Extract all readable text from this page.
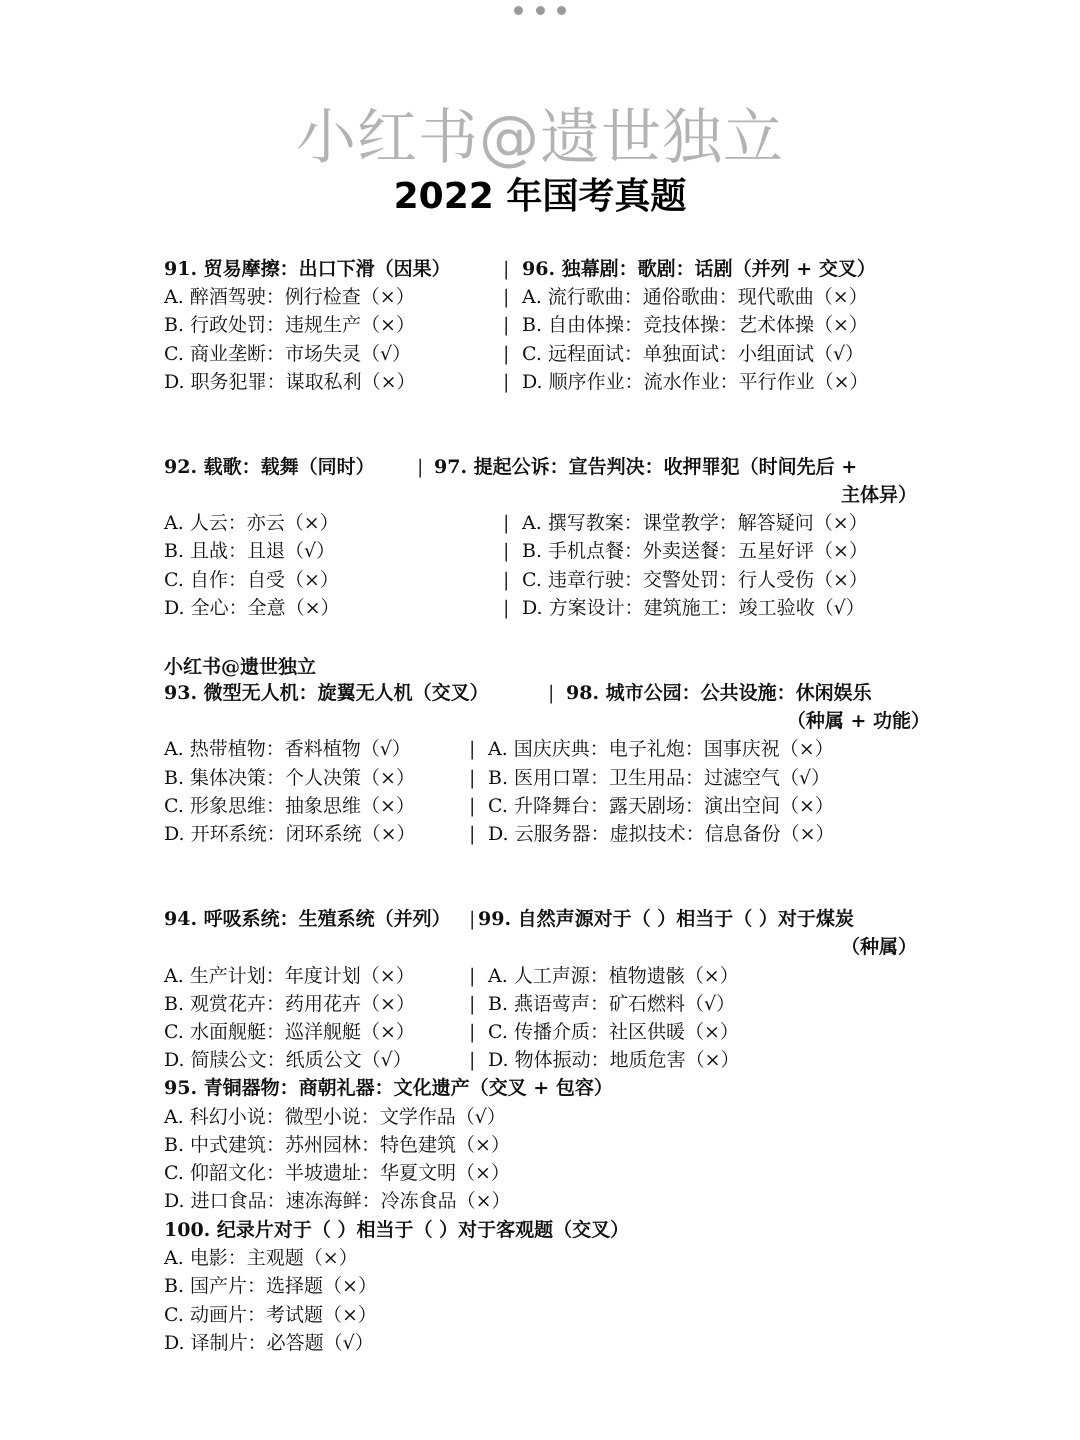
小红书@遗世独立
2022 年国考真题
91. 贸易摩擦：出口下滑（因果）	| 96. 独幕剧：歌剧：话剧（并列 + 交叉）
A. 醉酒驾驶：例行检查（×）
B. 行政处罚：违规生产（×）
C. 商业垄断：市场失灵（√）
D. 职务犯罪：谋取私利（×）
|
|
|
|
A. 流行歌曲：通俗歌曲：现代歌曲（×）
B. 自由体操：竞技体操：艺术体操（×）
C. 远程面试：单独面试：小组面试（√）
D. 顺序作业：流水作业：平行作业（×）
92. 载歌：载舞（同时） | 97. 提起公诉：宣告判决：收押罪犯（时间先后 +
主体异）
A. 人云：亦云（×）
B. 且战：且退（√）
C. 自作：自受（×）
D. 全心：全意（×）
|
|
|
|
A. 撰写教案：课堂教学：解答疑问（×）
B. 手机点餐：外卖送餐：五星好评（×）
C. 违章行驶：交警处罚：行人受伤（×）
D. 方案设计：建筑施工：竣工验收（√）
小红书@遗世独立
93. 微型无人机：旋翼无人机（交叉）	| 98. 城市公园：公共设施：休闲娱乐
（种属 + 功能）
A. 热带植物：香料植物（√）
B. 集体决策：个人决策（×）
C. 形象思维：抽象思维（×）
D. 开环系统：闭环系统（×）
|
|
|
|
A. 国庆庆典：电子礼炮：国事庆祝（×）
B. 医用口罩：卫生用品：过滤空气（√）
C. 升降舞台：露天剧场：演出空间（×）
D. 云服务器：虚拟技术：信息备份（×）
94. 呼吸系统：生殖系统（并列） | 99. 自然声源对于（ ）相当于（ ）对于煤炭
（种属）
A. 生产计划：年度计划（×）
B. 观赏花卉：药用花卉（×）
C. 水面舰艇：巡洋舰艇（×）
D. 简牍公文：纸质公文（√）
|
|
|
|
A. 人工声源：植物遗骸（×）
B. 燕语莺声：矿石燃料（√）
C. 传播介质：社区供暖（×）
D. 物体振动：地质危害（×）
95. 青铜器物：商朝礼器：文化遗产（交叉 + 包容）
A. 科幻小说：微型小说：文学作品（√）
B. 中式建筑：苏州园林：特色建筑（×）
C. 仰韶文化：半坡遗址：华夏文明（×）
D. 进口食品：速冻海鲜：冷冻食品（×）
100. 纪录片对于（ ）相当于（ ）对于客观题（交叉）
A. 电影：主观题（×）
B. 国产片：选择题（×）
C. 动画片：考试题（×）
D. 译制片：必答题（√）
